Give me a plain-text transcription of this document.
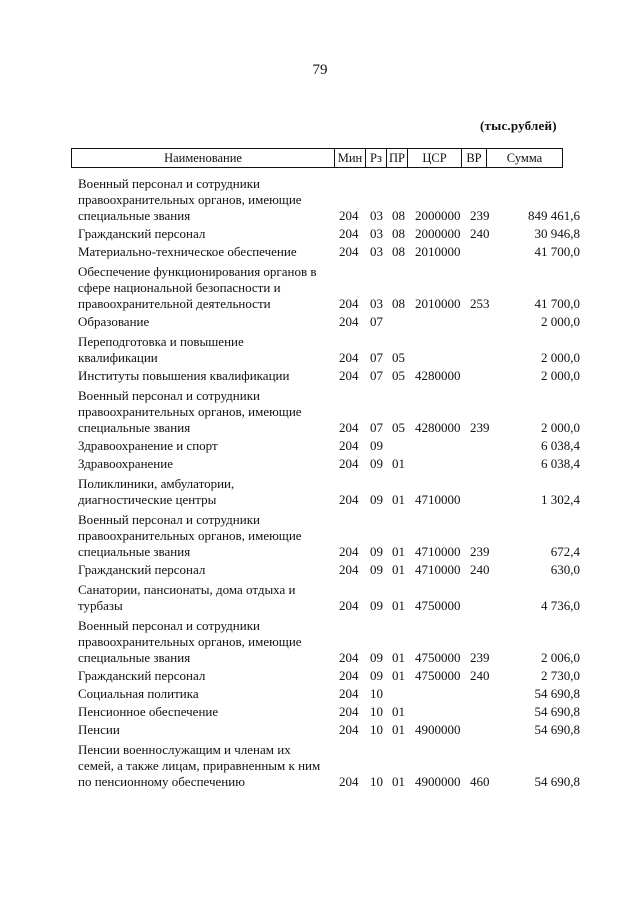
79
(тыс.рублей)
Наименование	Мин	Рз	ПР	ЦСР	ВР	Сумма
Военный персонал и сотрудники
правоохранительных органов, имеющие
специальные звания	204 03 08 2000000 239	849 461,6
Гражданский персонал	204 03 08 2000000 240	30 946,8
Материально-техническое обеспечение	204 03 08 2010000	41 700,0
Обеспечение функционирования органов в
сфере национальной безопасности и
правоохранительной деятельности	204 03 08 2010000 253	41 700,0
Образование	204 07	2 000,0
Переподготовка и повышение
квалификации	204 07 05	2 000,0
Институты повышения квалификации	204 07 05 4280000	2 000,0
Военный персонал и сотрудники
правоохранительных органов, имеющие
специальные звания	204 07 05 4280000 239	2 000,0
Здравоохранение и спорт	204 09	6 038,4
Здравоохранение	204 09 01	6 038,4
Поликлиники, амбулатории,
диагностические центры	204 09 01 4710000	1 302,4
Военный персонал и сотрудники
правоохранительных органов, имеющие
специальные звания	204 09 01 4710000 239	672,4
Гражданский персонал	204 09 01 4710000 240	630,0
Санатории, пансионаты, дома отдыха и
турбазы	204 09 01 4750000	4 736,0
Военный персонал и сотрудники
правоохранительных органов, имеющие
специальные звания	204 09 01 4750000 239	2 006,0
Гражданский персонал	204 09 01 4750000 240	2 730,0
Социальная политика	204 10	54 690,8
Пенсионное обеспечение	204 10 01	54 690,8
Пенсии	204 10 01 4900000	54 690,8
Пенсии военнослужащим и членам их
семей, а также лицам, приравненным к ним
по пенсионному обеспечению	204 10 01 4900000 460	54 690,8
